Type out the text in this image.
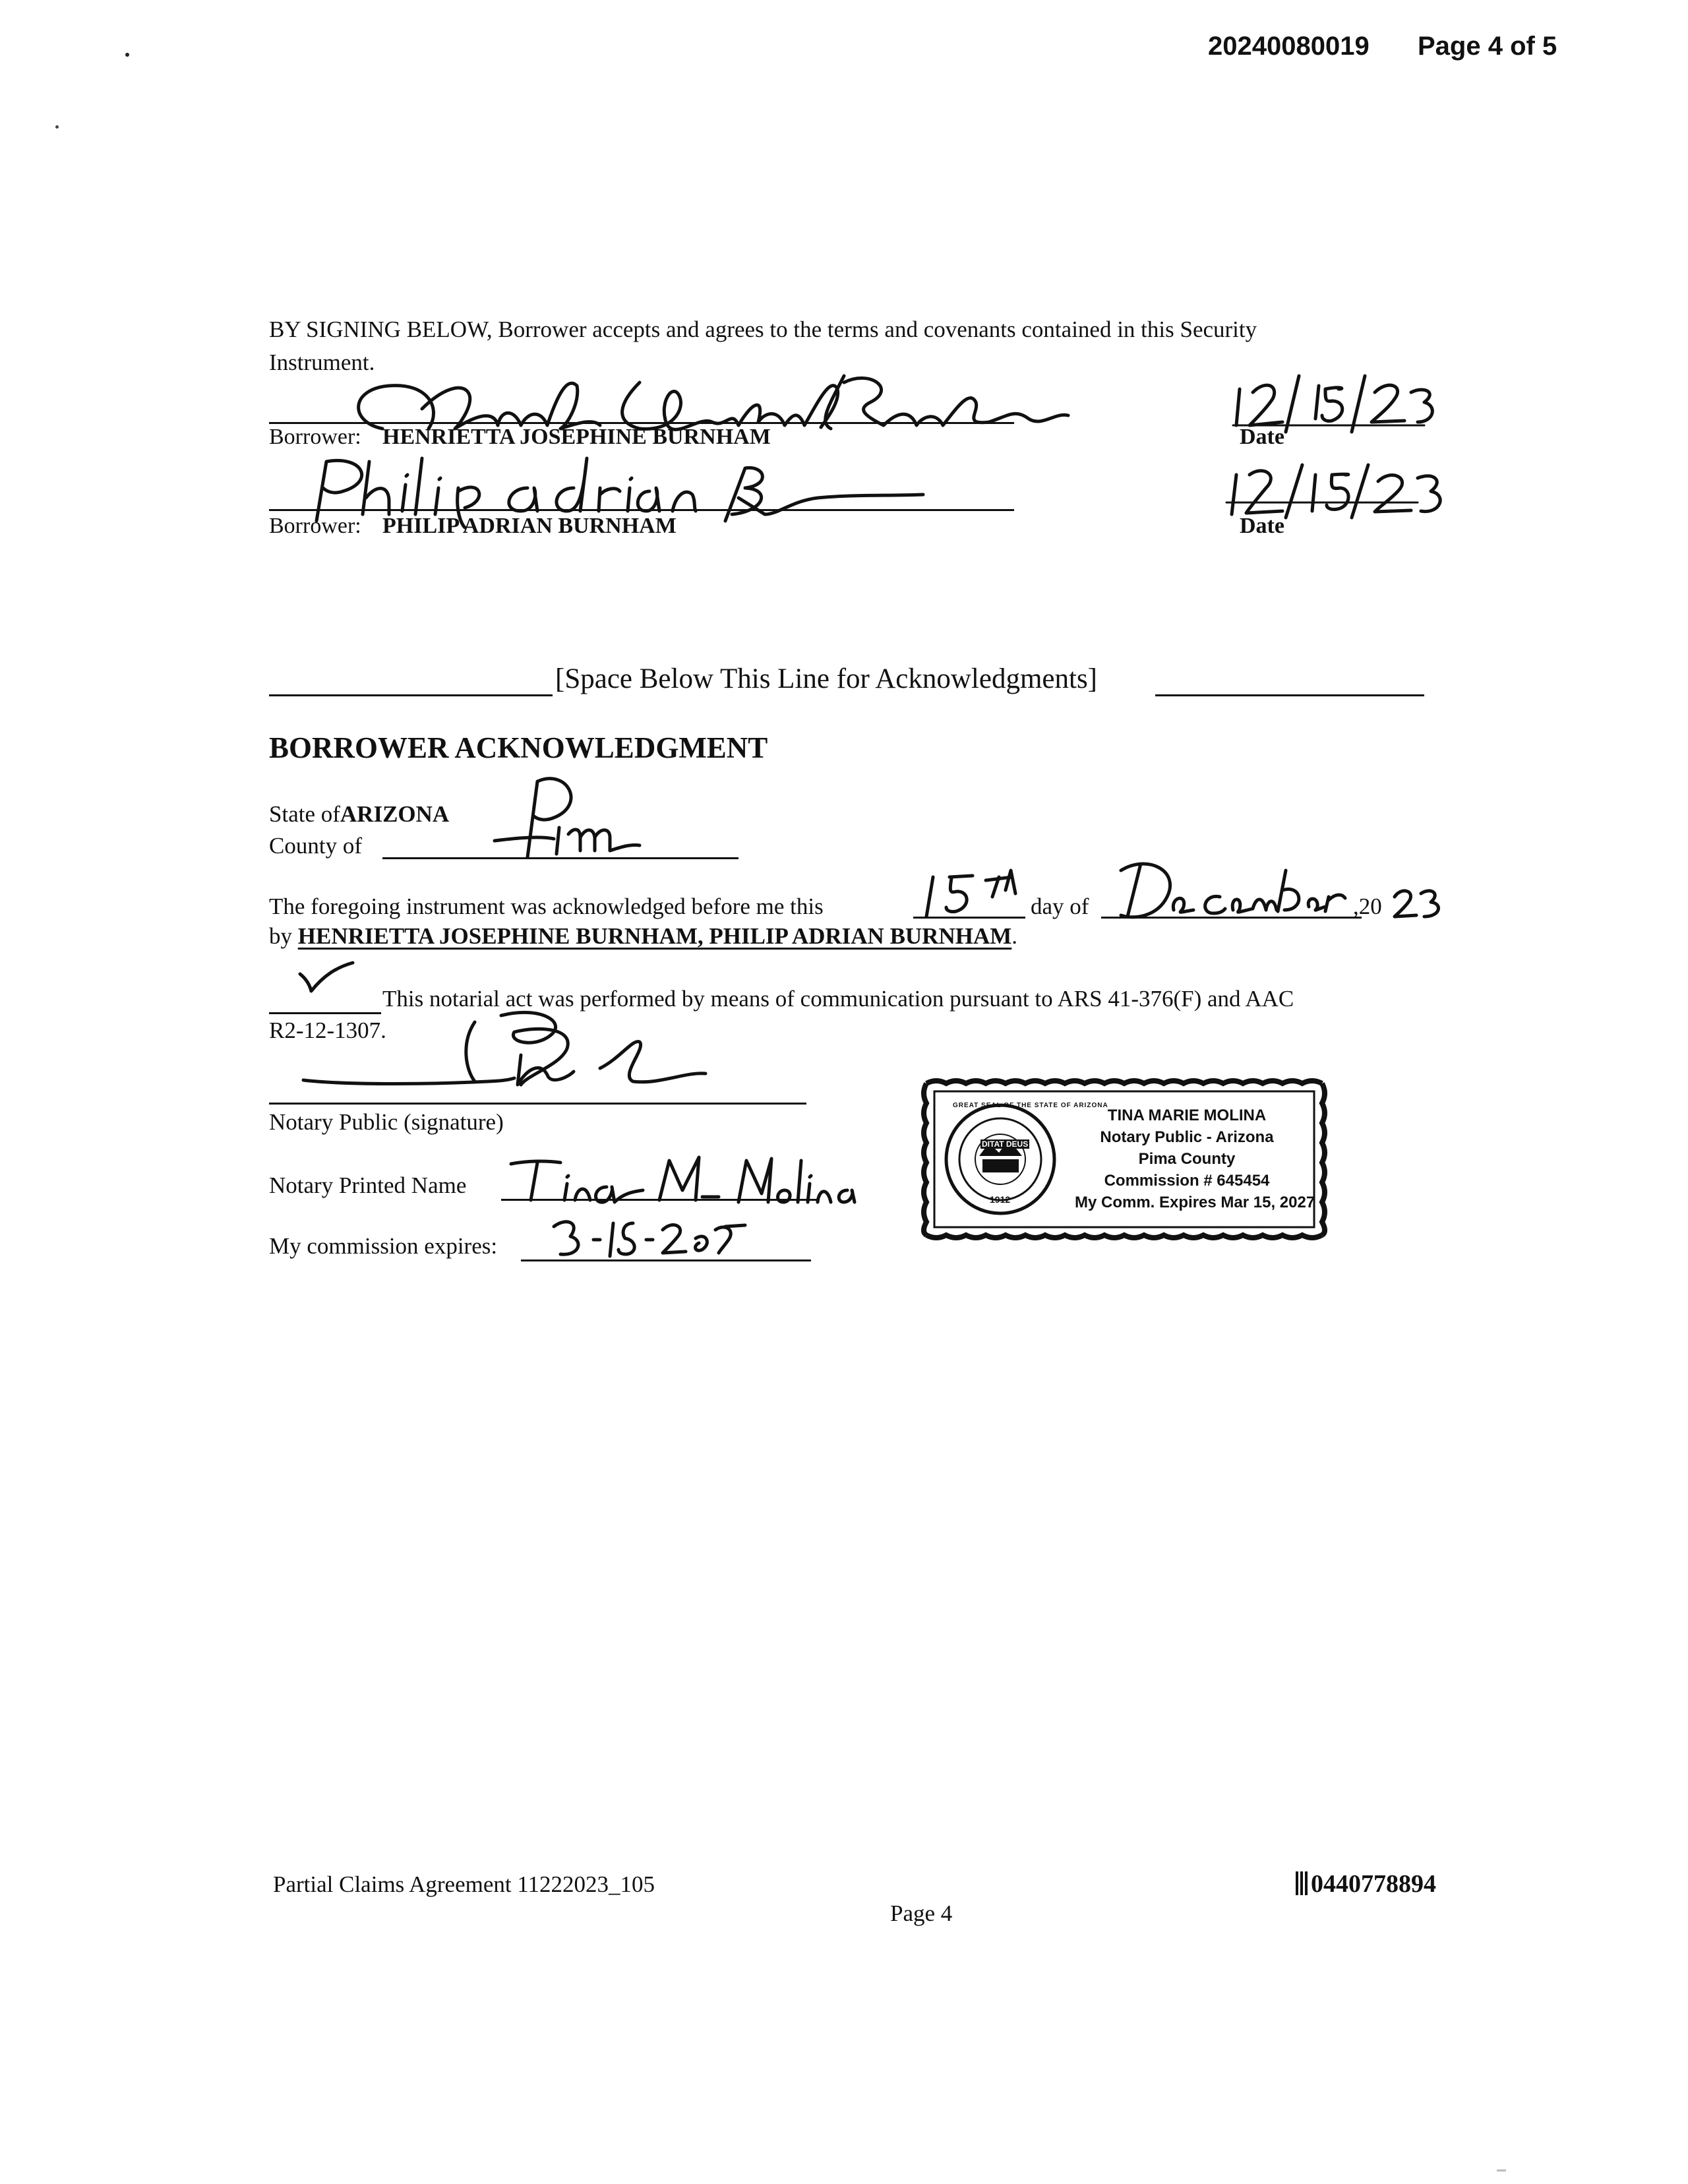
20240080019 Page 4 of 5
BY SIGNING BELOW, Borrower accepts and agrees to the terms and covenants contained in this Security
Instrument.
Borrower: HENRIETTA JOSEPHINE BURNHAM	Date
Borrower: PHILIP ADRIAN BURNHAM	Date
[Space Below This Line for Acknowledgments]
BORROWER ACKNOWLEDGMENT
State ofARIZONA
County of
The foregoing instrument was acknowledged before me this	day of	,20
by HENRIETTA JOSEPHINE BURNHAM, PHILIP ADRIAN BURNHAM.
This notarial act was performed by means of communication pursuant to ARS 41-376(F) and AAC
R2-12-1307.
Notary Public (signature)
Notary Printed Name
My commission expires:
DITAT DEUS
1912
GREAT SEAL OF THE STATE OF ARIZONA
TINA MARIE MOLINA
Notary Public - Arizona
Pima County
Commission # 645454
My Comm. Expires Mar 15, 2027
Partial Claims Agreement 11222023_105	0440778894
Page 4
